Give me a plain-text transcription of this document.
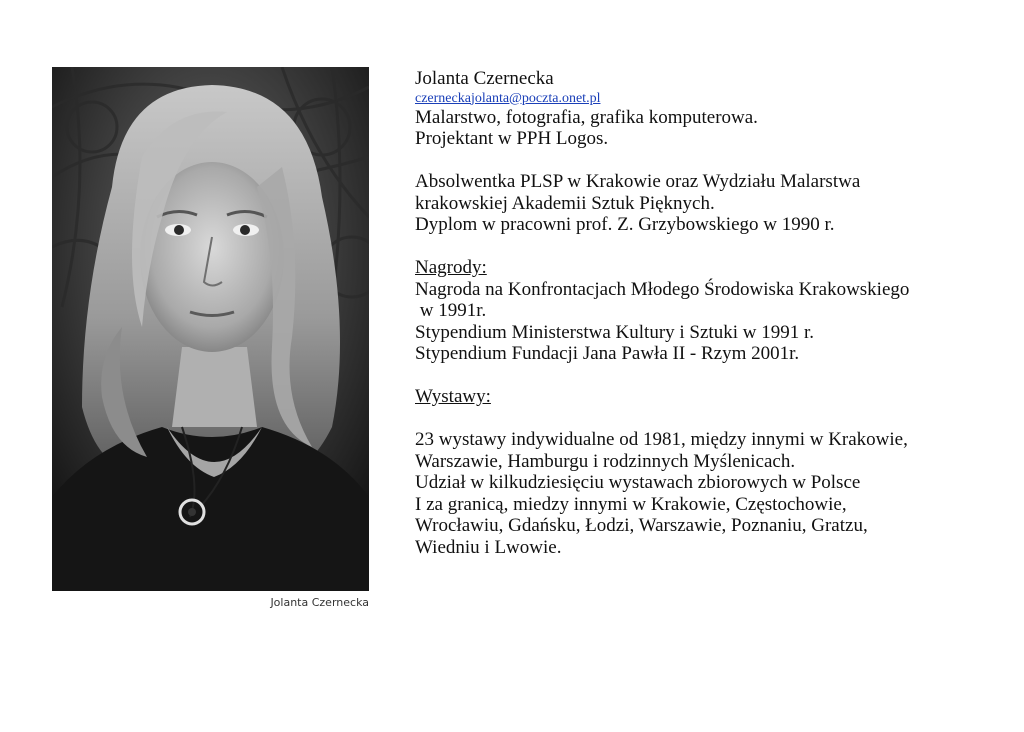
Jolanta Czernecka
Jolanta Czernecka
czerneckajolanta@poczta.onet.pl
Malarstwo, fotografia, grafika komputerowa.
Projektant w PPH Logos.
Absolwentka PLSP w Krakowie oraz Wydziału Malarstwa
krakowskiej Akademii Sztuk Pięknych.
Dyplom w pracowni prof. Z. Grzybowskiego w 1990 r.
Nagrody:
Nagroda na Konfrontacjach Młodego Środowiska Krakowskiego
w 1991r.
Stypendium Ministerstwa Kultury i Sztuki w 1991 r.
Stypendium Fundacji Jana Pawła II - Rzym 2001r.
Wystawy:
23 wystawy indywidualne od 1981, między innymi w Krakowie,
Warszawie, Hamburgu i rodzinnych Myślenicach.
Udział w kilkudziesięciu wystawach zbiorowych w Polsce
I za granicą, miedzy innymi w Krakowie, Częstochowie,
Wrocławiu, Gdańsku, Łodzi, Warszawie, Poznaniu, Gratzu,
Wiedniu i Lwowie.
